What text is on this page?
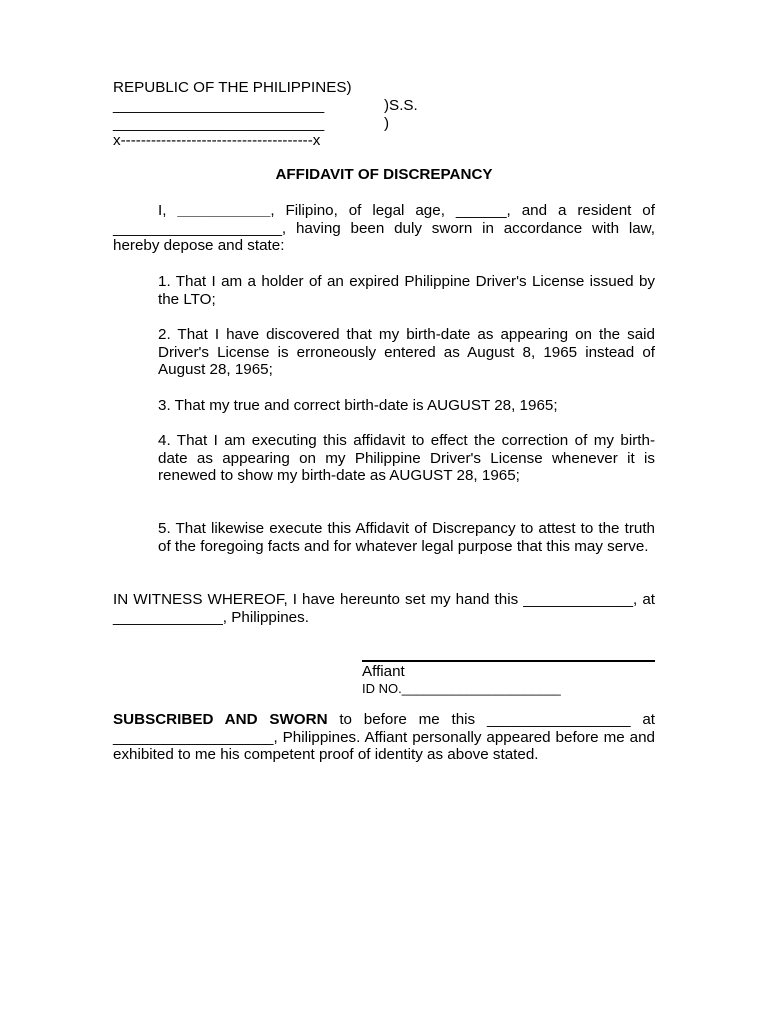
REPUBLIC OF THE PHILIPPINES)
_________________________	)S.S.
_________________________	)
x--------------------------------------x
AFFIDAVIT OF DISCREPANCY
I, ___________, Filipino, of legal age, ______, and a resident of ____________________, having been duly sworn in accordance with law, hereby depose and state:
1. That I am a holder of an expired Philippine Driver's License issued by the LTO;
2. That I have discovered that my birth-date as appearing on the said Driver's License is erroneously entered as August 8, 1965 instead of August 28, 1965;
3. That my true and correct birth-date is AUGUST 28, 1965;
4. That I am executing this affidavit to effect the correction of my birth-date as appearing on my Philippine Driver's License whenever it is renewed to show my birth-date as AUGUST 28, 1965;
5. That likewise execute this Affidavit of Discrepancy to attest to the truth of the foregoing facts and for whatever legal purpose that this may serve.
IN WITNESS WHEREOF, I have hereunto set my hand this _____________, at _____________, Philippines.
Affiant
ID NO.______________________
SUBSCRIBED AND SWORN to before me this _________________ at ___________________, Philippines. Affiant personally appeared before me and exhibited to me his competent proof of identity as above stated.
